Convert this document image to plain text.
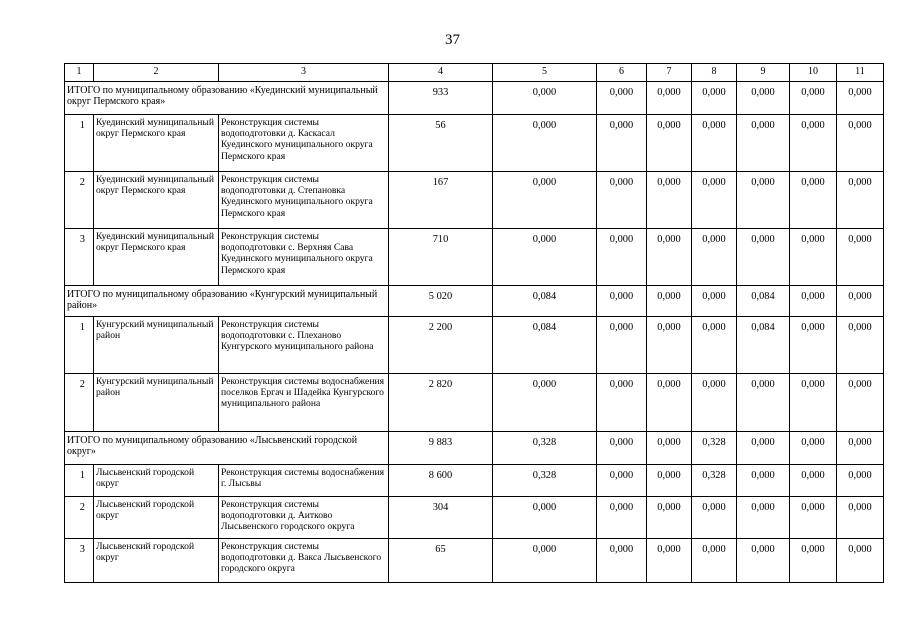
37
1	2	3	4	5	6	7	8	9	10	11
ИТОГО по муниципальному образованию «Куединский муниципальный округ Пермского края»			933	0,000	0,000	0,000	0,000	0,000	0,000	0,000
1	Куединский муниципальный округ Пермского края	Реконструкция системы водоподготовки д. Каскасал Куединского муниципального округа Пермского края	56	0,000	0,000	0,000	0,000	0,000	0,000	0,000
2	Куединский муниципальный округ Пермского края	Реконструкция системы водоподготовки д. Степановка Куединского муниципального округа Пермского края	167	0,000	0,000	0,000	0,000	0,000	0,000	0,000
3	Куединский муниципальный округ Пермского края	Реконструкция системы водоподготовки с. Верхняя Сава Куединского муниципального округа Пермского края	710	0,000	0,000	0,000	0,000	0,000	0,000	0,000
ИТОГО по муниципальному образованию «Кунгурский муниципальный район»			5 020	0,084	0,000	0,000	0,000	0,084	0,000	0,000
1	Кунгурский муниципальный район	Реконструкция системы водоподготовки с. Плеханово Кунгурского муниципального района	2 200	0,084	0,000	0,000	0,000	0,084	0,000	0,000
2	Кунгурский муниципальный район	Реконструкция системы водоснабжения поселков Ергач и Шадейка Кунгурского муниципального района	2 820	0,000	0,000	0,000	0,000	0,000	0,000	0,000
ИТОГО по муниципальному образованию «Лысьвенский городской округ»			9 883	0,328	0,000	0,000	0,328	0,000	0,000	0,000
1	Лысьвенский городской округ	Реконструкция системы водоснабжения г. Лысьвы	8 600	0,328	0,000	0,000	0,328	0,000	0,000	0,000
2	Лысьвенский городской округ	Реконструкция системы водоподготовки д. Аитково Лысьвенского городского округа	304	0,000	0,000	0,000	0,000	0,000	0,000	0,000
3	Лысьвенский городской округ	Реконструкция системы водоподготовки д. Вакса Лысьвенского городского округа	65	0,000	0,000	0,000	0,000	0,000	0,000	0,000
